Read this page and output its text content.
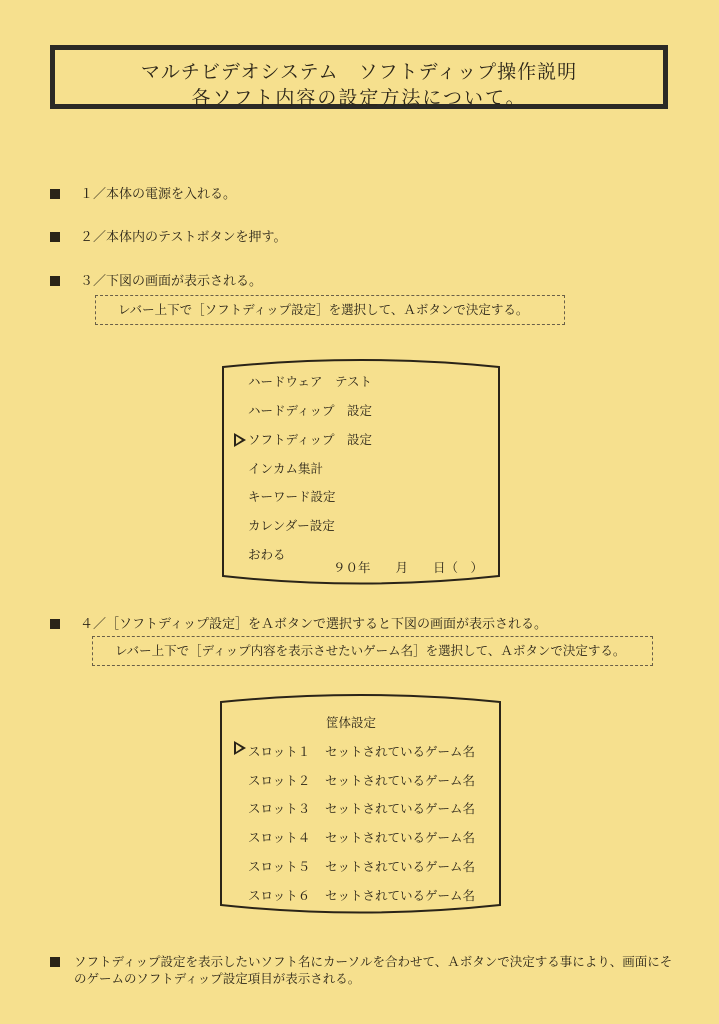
マルチビデオシステム　ソフトディップ操作説明
各ソフト内容の設定方法について。
１／本体の電源を入れる。
２／本体内のテストボタンを押す。
３／下図の画面が表示される。
レバー上下で［ソフトディップ設定］を選択して、Ａボタンで決定する。
ハードウェア　テスト
ハードディップ　設定
ソフトディップ　設定
インカム集計
キーワード設定
カレンダー設定
おわる
９０年　　月　　日（　）
４／［ソフトディップ設定］をＡボタンで選択すると下図の画面が表示される。
レバー上下で［ディップ内容を表示させたいゲーム名］を選択して、Ａボタンで決定する。
筐体設定
スロット１ セットされているゲーム名
スロット２ セットされているゲーム名
スロット３ セットされているゲーム名
スロット４ セットされているゲーム名
スロット５ セットされているゲーム名
スロット６ セットされているゲーム名
ソフトディップ設定を表示したいソフト名にカーソルを合わせて、Ａボタンで決定する事により、画面にそのゲームのソフトディップ設定項目が表示される。
